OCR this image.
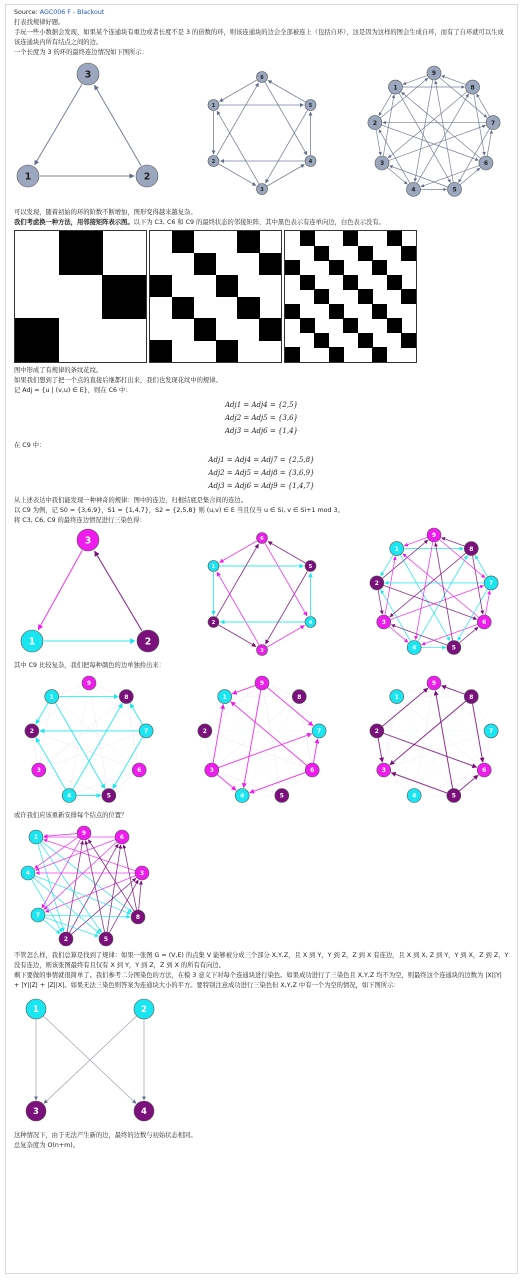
Source: AGC006 F - Blackout

打表找规律好题。

手玩一些小数据会发现，如果某个连通块有重边或者长度不是 3 的倍数的环，则该连通块的边会全部被连上（包括自环），这是因为这样的图会生成自环，而有了自环就可以生成该连通块内所有结点之间的边。

一个长度为 3 的环的最终连边情况如下图所示：

1	2
3
1
2
3
4
5
6
1
2
3
4	5
6
7
8
9

可以发现，随着初始的环的阶数不断增加，图形变得越来越复杂。

我们考虑换一种方法，用邻接矩阵表示图。以下为 C3, C6 和 C9 的最终状态的邻接矩阵，其中黑色表示有连单向边，白色表示没有。

图中形成了有规律的条纹花纹。

如果我们想到了把一个点的直接后继都打出来，我们也发现花纹中的规律。

记 Adj = {u | (v,u) ∈ E}，则在 C6 中：

Adj1 = Adj4 = {2,5}
Adj2 = Adj5 = {3,6}
Adj3 = Adj6 = {1,4}

在 C9 中：

Adj1 = Adj4 = Adj7 = {2,5,8}
Adj2 = Adj5 = Adj8 = {3,6,9}
Adj3 = Adj6 = Adj9 = {1,4,7}

从上述表达中我们能发现一种神奇的规律：图中的连边，归根结底是集合间的连边。

以 C9 为例，记 S0 = {3,6,9}，S1 = {1,4,7}，S2 = {2,5,8} 则 (u,v) ∈ E 当且仅当 u ∈ Si, v ∈ Si+1 mod 3。

将 C3, C6, C9 的最终连边情况进行三染色得：

1	2
3
1
2
3
4
5
6
1
2
3
4	5
6
7
8
9

其中 C9 比较复杂，我们把每种颜色的边单独拎出来：

1
2
3
4	5
6
7
8
9
1
2
3
4	5
6
7
8
9
1
2
3
4	5
6
7
8
9

或许我们应该重新安排每个结点的位置？

1
2
3
4
5
6
7	8
9

不管怎么样，我们总算是找到了规律：如果一张图 G = (V,E) 的点集 V 能够被分成三个部分 X,Y,Z，且 X 到 Y，Y 到 Z，Z 到 X 有连边，且 X 到 X, Z 到 Y，Y 到 X，Z 到 Z，Y 没有连边，则该张图最终有且仅有 X 到 Y，Y 到 Z，Z 到 X 的所有有向边。

剩下要做的事情就很简单了。我们参考二分图染色的方法，在模 3 意义下对每个连通块进行染色。如果成功进行了三染色且 X,Y,Z 均不为空，则最终这个连通块的边数为 |X||Y| + |Y||Z| + |Z||X|。如果无法三染色则答案为连通块大小的平方。要特别注意成功进行三染色但 X,Y,Z 中有一个为空的情况，如下图所示：

1	2
3	4

这种情况下，由于无法产生新的边，最终的边数与初始状态相同。

总复杂度为 O(n+m)。
